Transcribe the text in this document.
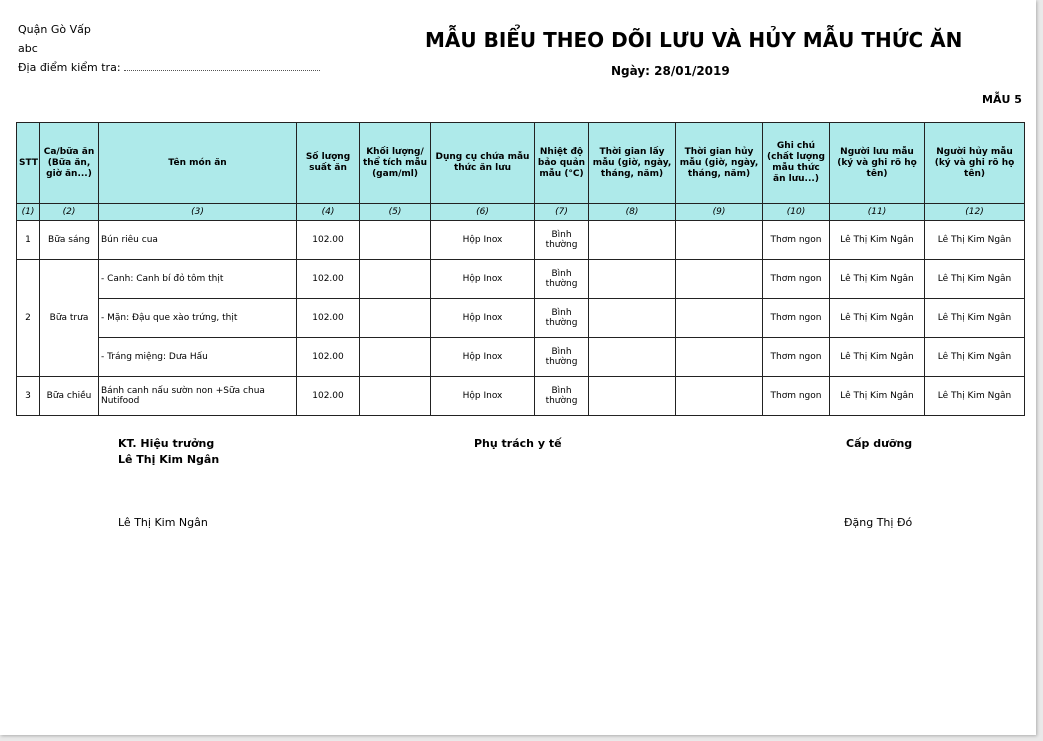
Quận Gò Vấp
abc
Địa điểm kiểm tra:
MẪU BIỂU THEO DÕI LƯU VÀ HỦY MẪU THỨC ĂN
Ngày: 28/01/2019
MẪU 5
STT	Ca/bữa ăn (Bữa ăn, giờ ăn...)	Tên món ăn	Số lượng suất ăn	Khối lượng/ thể tích mẫu (gam/ml)	Dụng cụ chứa mẫu thức ăn lưu	Nhiệt độ bảo quản mẫu (°C)	Thời gian lấy mẫu (giờ, ngày, tháng, năm)	Thời gian hủy mẫu (giờ, ngày, tháng, năm)	Ghi chú (chất lượng mẫu thức ăn lưu...)	Người lưu mẫu (ký và ghi rõ họ tên)	Người hủy mẫu (ký và ghi rõ họ tên)
(1)	(2)	(3)	(4)	(5)	(6)	(7)	(8)	(9)	(10)	(11)	(12)
1	Bữa sáng	Bún riêu cua	102.00		Hộp Inox	Bình thường			Thơm ngon	Lê Thị Kim Ngân	Lê Thị Kim Ngân
2	Bữa trưa	- Canh: Canh bí đỏ tôm thịt	102.00		Hộp Inox	Bình thường			Thơm ngon	Lê Thị Kim Ngân	Lê Thị Kim Ngân
		- Mặn: Đậu que xào trứng, thịt	102.00		Hộp Inox	Bình thường			Thơm ngon	Lê Thị Kim Ngân	Lê Thị Kim Ngân
		- Tráng miệng: Dưa Hấu	102.00		Hộp Inox	Bình thường			Thơm ngon	Lê Thị Kim Ngân	Lê Thị Kim Ngân
3	Bữa chiều	Bánh canh nấu sườn non +Sữa chua Nutifood	102.00		Hộp Inox	Bình thường			Thơm ngon	Lê Thị Kim Ngân	Lê Thị Kim Ngân
KT. Hiệu trưởng
Lê Thị Kim Ngân
Phụ trách y tế	Cấp dưỡng
Lê Thị Kim Ngân	Đặng Thị Đó
